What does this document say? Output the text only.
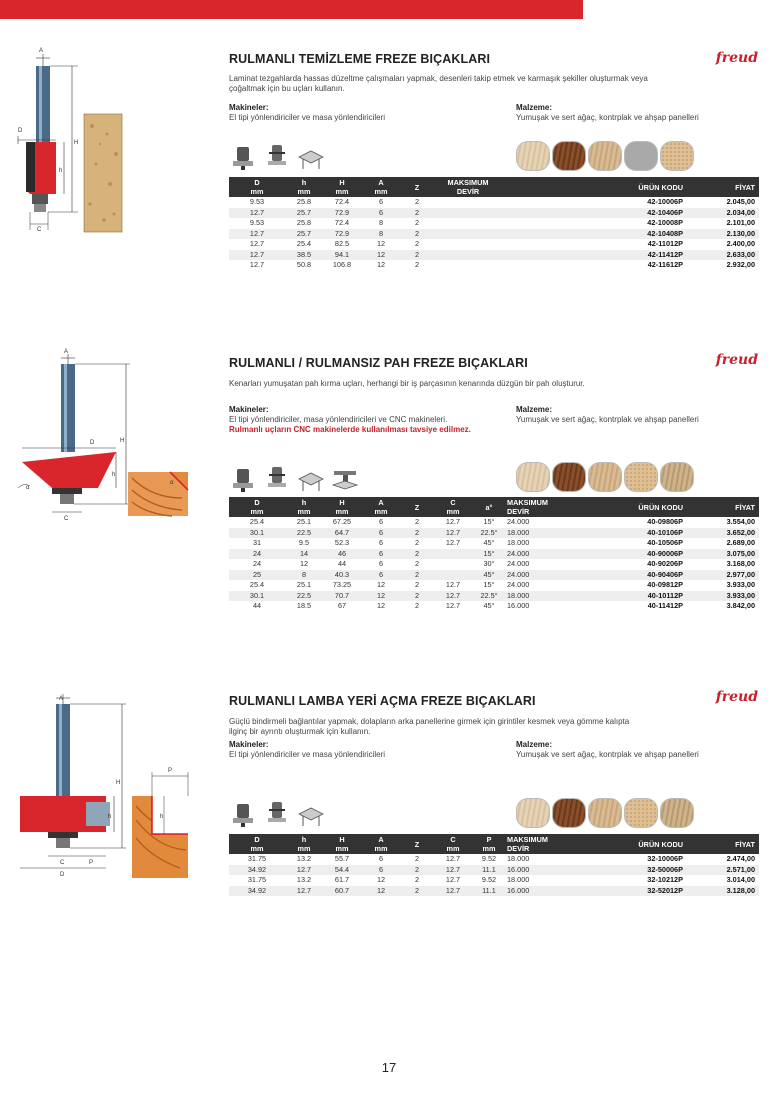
A
D
H
h
C
RULMANLI TEMİZLEME FREZE BIÇAKLARI	freud
Laminat tezgahlarda hassas düzeltme çalışmaları yapmak, desenleri takip etmek ve karmaşık şekiller oluşturmak veya çoğaltmak için bu uçları kullanın.
Makineler:
El tipi yönlendiriciler ve masa yönlendiricileri
Malzeme:
Yumuşak ve sert ağaç, kontrplak ve ahşap panelleri
D
mm	h
mm	H
mm	A
mm	Z	MAKSIMUM
DEVİR	ÜRÜN KODU	FİYAT
9.53	25.8	72.4	6	2		42-10006P	2.045,00
12.7	25.7	72.9	6	2		42-10406P	2.034,00
9.53	25.8	72.4	8	2		42-10008P	2.101,00
12.7	25.7	72.9	8	2		42-10408P	2.130,00
12.7	25.4	82.5	12	2		42-11012P	2.400,00
12.7	38.5	94.1	12	2		42-11412P	2.633,00
12.7	50.8	106.8	12	2		42-11612P	2.932,00
A
D	H
h
C
α
α
RULMANLI / RULMANSIZ PAH FREZE BIÇAKLARI	freud
Kenarları yumuşatan pah kırma uçları, herhangi bir iş parçasının kenarında düzgün bir pah oluşturur.
Makineler:
El tipi yönlendiriciler, masa yönlendiricileri ve CNC makineleri. Rulmanlı uçların CNC makinelerde kullanılması tavsiye edilmez.
Malzeme:
Yumuşak ve sert ağaç, kontrplak ve ahşap panelleri
D
mm	h
mm	H
mm	A
mm	Z	C
mm	a°	MAKSIMUM
DEVİR	ÜRÜN KODU	FİYAT
25.4	25.1	67.25	6	2	12.7	15°	24.000	40-09806P	3.554,00
30.1	22.5	64.7	6	2	12.7	22.5°	18.000	40-10106P	3.652,00
31	9.5	52.3	6	2	12.7	45°	18.000	40-10506P	2.689,00
24	14	46	6	2		15°	24.000	40-90006P	3.075,00
24	12	44	6	2		30°	24.000	40-90206P	3.168,00
25	8	40.3	6	2		45°	24.000	40-90406P	2.977,00
25.4	25.1	73.25	12	2	12.7	15°	24.000	40-09812P	3.933,00
30.1	22.5	70.7	12	2	12.7	22.5°	18.000	40-10112P	3.933,00
44	18.5	67	12	2	12.7	45°	16.000	40-11412P	3.842,00
A
H
h
C	P
D
P
h
RULMANLI LAMBA YERİ AÇMA FREZE BIÇAKLARI	freud
Güçlü bindirmeli bağlantılar yapmak, dolapların arka panellerine girmek için girintiler kesmek veya gömme kalıpta ilginç bir ayrıntı oluşturmak için kullanın.
Makineler:
El tipi yönlendiriciler ve masa yönlendiricileri
Malzeme:
Yumuşak ve sert ağaç, kontrplak ve ahşap panelleri
D
mm	h
mm	H
mm	A
mm	Z	C
mm	P
mm	MAKSIMUM
DEVİR	ÜRÜN KODU	FİYAT
31.75	13.2	55.7	6	2	12.7	9.52	18.000	32-10006P	2.474,00
34.92	12.7	54.4	6	2	12.7	11.1	16.000	32-50006P	2.571,00
31.75	13.2	61.7	12	2	12.7	9.52	18.000	32-10212P	3.014,00
34.92	12.7	60.7	12	2	12.7	11.1	16.000	32-52012P	3.128,00
17
